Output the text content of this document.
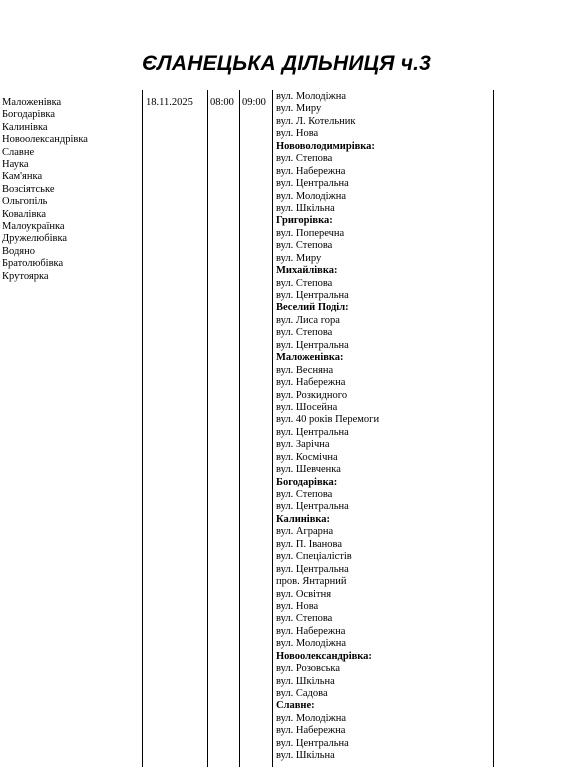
ЄЛАНЕЦЬКА ДІЛЬНИЦЯ ч.3
Маложенівка
Богодарівка
Калинівка
Новоолександрівка
Славне
Наука
Кам'янка
Возсіятське
Ольгопіль
Ковалівка
Малоукраїнка
Дружелюбівка
Водяно
Братолюбівка
Крутоярка
18.11.2025 08:00 09:00
вул. Молодіжна
вул. Миру
вул. Л. Котельник
вул. Нова
Нововолодимирівка:
вул. Степова
вул. Набережна
вул. Центральна
вул. Молодіжна
вул. Шкільна
Григорівка:
вул. Поперечна
вул. Степова
вул. Миру
Михайлівка:
вул. Степова
вул. Центральна
Веселий Поділ:
вул. Лиса гора
вул. Степова
вул. Центральна
Маложенівка:
вул. Весняна
вул. Набережна
вул. Розкидного
вул. Шосейна
вул. 40 років Перемоги
вул. Центральна
вул. Зарічна
вул. Космічна
вул. Шевченка
Богодарівка:
вул. Степова
вул. Центральна
Калинівка:
вул. Аграрна
вул. П. Іванова
вул. Спеціалістів
вул. Центральна
пров. Янтарний
вул. Освітня
вул. Нова
вул. Степова
вул. Набережна
вул. Молодіжна
Новоолександрівка:
вул. Розовська
вул. Шкільна
вул. Садова
Славне:
вул. Молодіжна
вул. Набережна
вул. Центральна
вул. Шкільна
